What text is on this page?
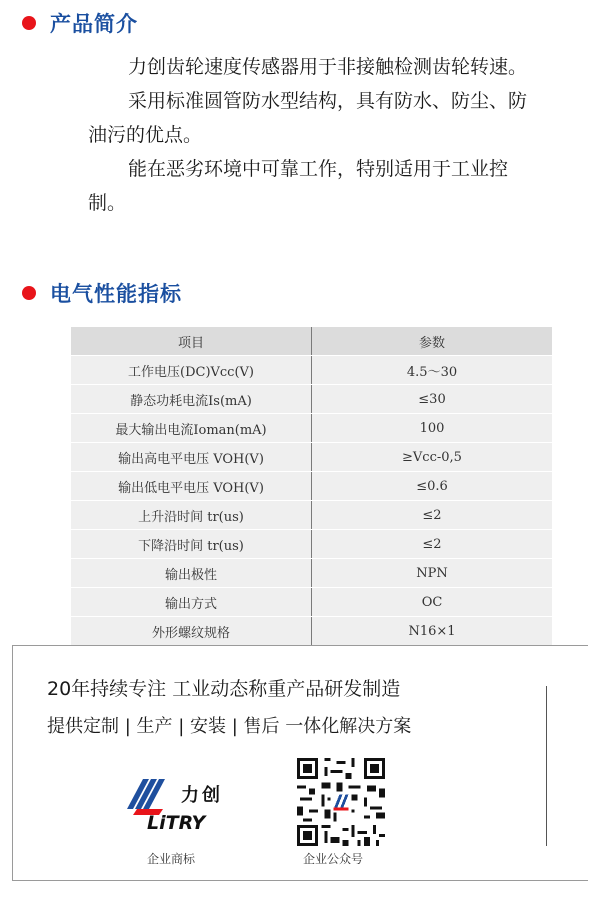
产品简介

力创齿轮速度传感器用于非接触检测齿轮转速。

采用标准圆管防水型结构，具有防水、防尘、防油污的优点。

能在恶劣环境中可靠工作，特别适用于工业控制。

电气性能指标
项目	参数
工作电压(DC)Vcc(V)	4.5～30
静态功耗电流Is(mA)	≤30
最大输出电流Ioman(mA)	100
输出高电平电压 VOH(V)	≥Vcc-0,5
输出低电平电压 VOH(V)	≤0.6
上升沿时间 tr(us)	≤2
下降沿时间 tr(us)	≤2
输出极性	NPN
输出方式	OC
外形螺纹规格	N16×1
20年持续专注 工业动态称重产品研发制造
提供定制 | 生产 | 安装 | 售后 一体化解决方案
力创
LiTRY
企业商标	企业公众号
